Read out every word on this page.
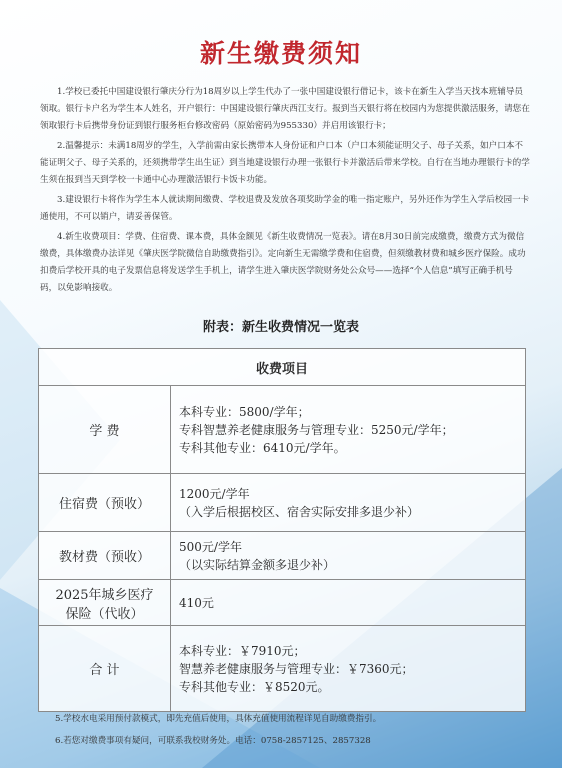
新生缴费须知

1.学校已委托中国建设银行肇庆分行为18周岁以上学生代办了一张中国建设银行借记卡，该卡在新生入学当天找本班辅导员领取。银行卡户名为学生本人姓名，开户银行：中国建设银行肇庆西江支行。报到当天银行将在校园内为您提供激活服务，请您在领取银行卡后携带身份证到银行服务柜台修改密码（原始密码为955330）并启用该银行卡；

2.温馨提示：未满18周岁的学生，入学前需由家长携带本人身份证和户口本（户口本须能证明父子、母子关系，如户口本不能证明父子、母子关系的，还须携带学生出生证）到当地建设银行办理一张银行卡并激活后带来学校。自行在当地办理银行卡的学生须在报到当天到学校一卡通中心办理激活银行卡饭卡功能。

3.建设银行卡将作为学生本人就读期间缴费、学校退费及发放各项奖助学金的唯一指定账户，另外还作为学生入学后校园一卡通使用，不可以销户，请妥善保管。

4.新生收费项目：学费、住宿费、课本费，具体金额见《新生收费情况一览表》。请在8月30日前完成缴费，缴费方式为微信缴费，具体缴费办法详见《肇庆医学院微信自助缴费指引》。定向新生无需缴学费和住宿费，但须缴教材费和城乡医疗保险。成功扣费后学校开具的电子发票信息将发送学生手机上，请学生进入肇庆医学院财务处公众号——选择“个人信息”填写正确手机号码，以免影响接收。

附表：新生收费情况一览表
收费项目	
学 费	本科专业：5800/学年；
专科智慧养老健康服务与管理专业：5250元/学年；
专科其他专业：6410元/学年。

住宿费（预收）	1200元/学年
（入学后根据校区、宿舍实际安排多退少补）

教材费（预收）	500元/学年
（以实际结算金额多退少补）

2025年城乡医疗
保险（代收）	410元

合 计	本科专业：￥7910元；
智慧养老健康服务与管理专业：￥7360元；
专科其他专业：￥8520元。
5.学校水电采用预付款模式，即先充值后使用，具体充值使用流程详见自助缴费指引。
6.若您对缴费事项有疑问，可联系我校财务处。电话：0758-2857125、2857328
